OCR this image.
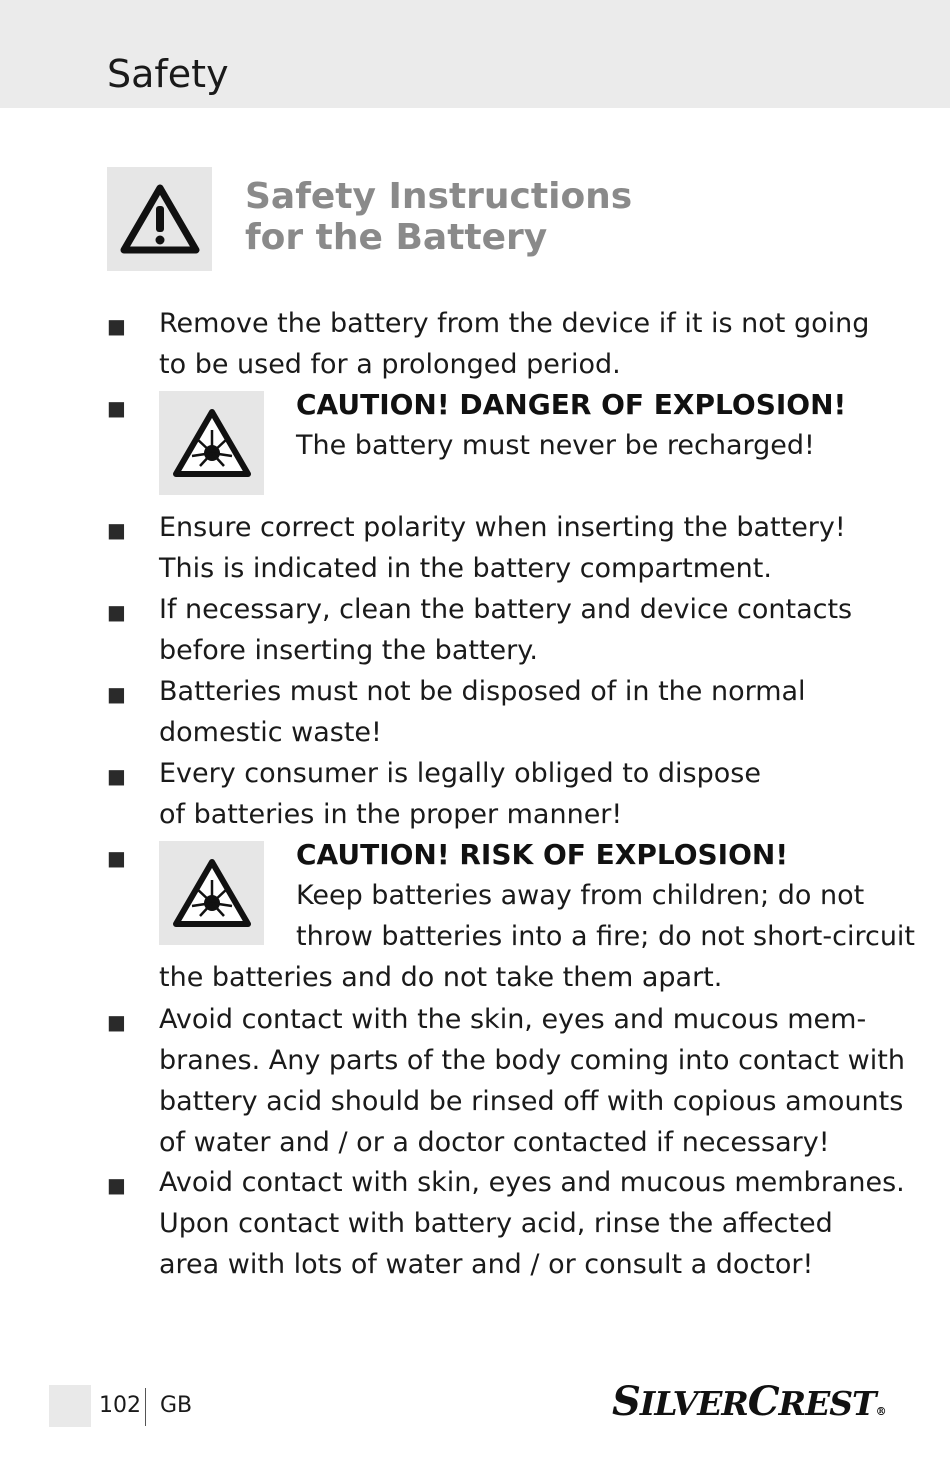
Safety
Safety Instructions
for the Battery
■ Remove the battery from the device if it is not going
to be used for a prolonged period.
■	CAUTION! DANGER OF EXPLOSION!
The battery must never be recharged!
■ Ensure correct polarity when inserting the battery!
This is indicated in the battery compartment.
■ If necessary, clean the battery and device contacts
before inserting the battery.
■ Batteries must not be disposed of in the normal
domestic waste!
■ Every consumer is legally obliged to dispose
of batteries in the proper manner!
■	CAUTION! RISK OF EXPLOSION!
Keep batteries away from children; do not
throw batteries into a fire; do not short-circuit
the batteries and do not take them apart.
■ Avoid contact with the skin, eyes and mucous mem-
branes. Any parts of the body coming into contact with
battery acid should be rinsed off with copious amounts
of water and / or a doctor contacted if necessary!
■ Avoid contact with skin, eyes and mucous membranes.
Upon contact with battery acid, rinse the affected
area with lots of water and / or consult a doctor!
102 GB	SILVERCREST®
